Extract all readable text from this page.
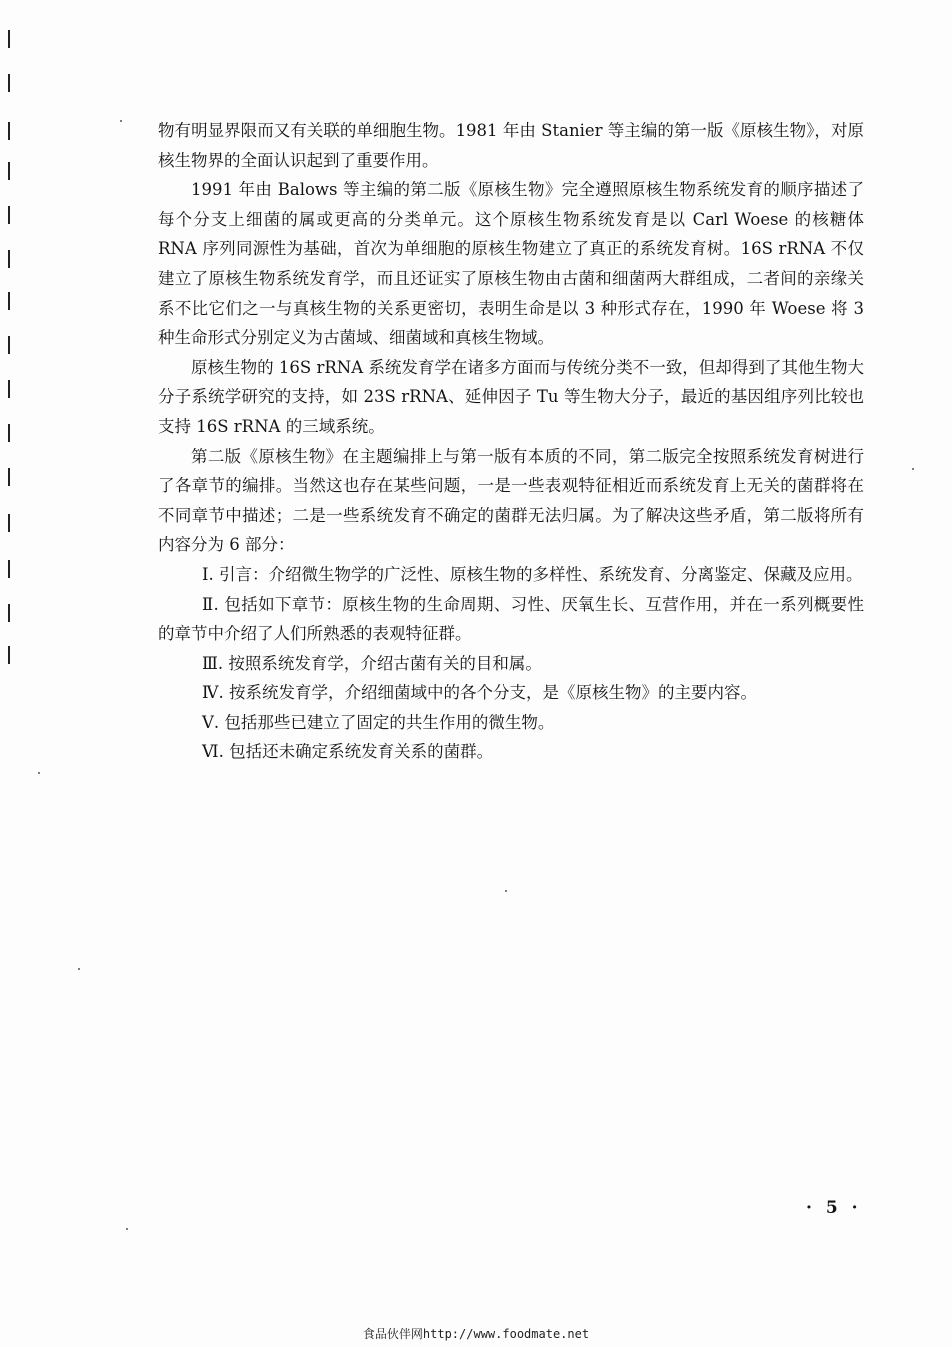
物有明显界限而又有关联的单细胞生物。1981 年由 Stanier 等主编的第一版《原核生物》，对原核生物界的全面认识起到了重要作用。

1991 年由 Balows 等主编的第二版《原核生物》完全遵照原核生物系统发育的顺序描述了每个分支上细菌的属或更高的分类单元。这个原核生物系统发育是以 Carl Woese 的核糖体 RNA 序列同源性为基础，首次为单细胞的原核生物建立了真正的系统发育树。16S rRNA 不仅建立了原核生物系统发育学，而且还证实了原核生物由古菌和细菌两大群组成，二者间的亲缘关系不比它们之一与真核生物的关系更密切，表明生命是以 3 种形式存在，1990 年 Woese 将 3 种生命形式分别定义为古菌域、细菌域和真核生物域。

原核生物的 16S rRNA 系统发育学在诸多方面而与传统分类不一致，但却得到了其他生物大分子系统学研究的支持，如 23S rRNA、延伸因子 Tu 等生物大分子，最近的基因组序列比较也支持 16S rRNA 的三域系统。

第二版《原核生物》在主题编排上与第一版有本质的不同，第二版完全按照系统发育树进行了各章节的编排。当然这也存在某些问题，一是一些表观特征相近而系统发育上无关的菌群将在不同章节中描述；二是一些系统发育不确定的菌群无法归属。为了解决这些矛盾，第二版将所有内容分为 6 部分：

Ⅰ. 引言：介绍微生物学的广泛性、原核生物的多样性、系统发育、分离鉴定、保藏及应用。

Ⅱ. 包括如下章节：原核生物的生命周期、习性、厌氧生长、互营作用，并在一系列概要性的章节中介绍了人们所熟悉的表观特征群。

Ⅲ. 按照系统发育学，介绍古菌有关的目和属。

Ⅳ. 按系统发育学，介绍细菌域中的各个分支，是《原核生物》的主要内容。

Ⅴ. 包括那些已建立了固定的共生作用的微生物。

Ⅵ. 包括还未确定系统发育关系的菌群。

· 5 ·
食品伙伴网http://www.foodmate.net
